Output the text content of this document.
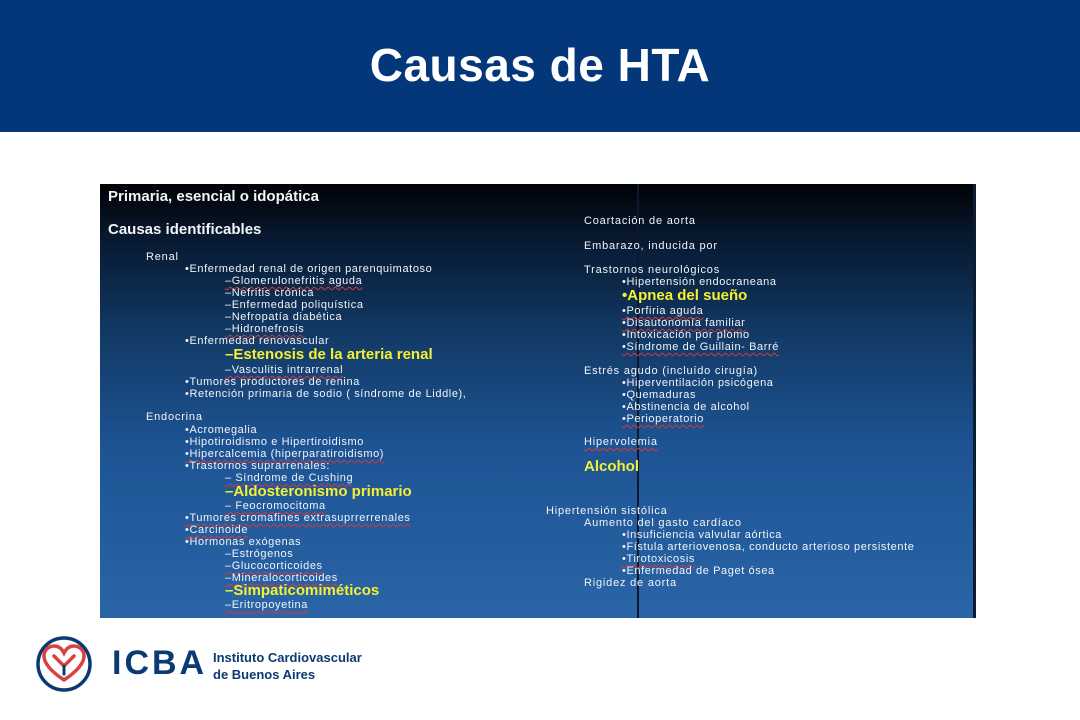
Causas de HTA
Primaria, esencial o idopática
Causas identificables
Renal
•Enfermedad renal de origen parenquimatoso
–Glomerulonefritis aguda
–Nefritis crónica
–Enfermedad poliquística
–Nefropatía diabética
–Hidronefrosis
•Enfermedad renovascular
–Estenosis de la arteria renal
–Vasculitis intrarrenal
•Tumores productores de renina
•Retención primaria de sodio ( síndrome de Liddle),
Endocrina
•Acromegalia
•Hipotiroidismo e Hipertiroidismo
•Hipercalcemia (hiperparatiroidismo)
•Trastornos suprarrenales:
– Síndrome de Cushing
–Aldosteronismo primario
– Feocromocitoma
•Tumores cromafines extrasuprrerrenales
•Carcinoide
•Hormonas exógenas
–Estrógenos
–Glucocorticoides
–Mineralocorticoides
–Simpaticomiméticos
–Eritropoyetina
Coartación de aorta
Embarazo, inducida por
Trastornos neurológicos
•Hipertensión endocraneana
•Apnea del sueño
•Porfiria aguda
•Disautonomía familiar
•Intoxicación por plomo
•Síndrome de Guillain- Barré
Estrés agudo (incluído cirugía)
•Hiperventilación psicógena
•Quemaduras
•Abstinencia de alcohol
•Perioperatorio
Hipervolemia
Alcohol
Hipertensión sistólica
Aumento del gasto cardíaco
•Insuficiencia valvular aórtica
•Fístula arteriovenosa, conducto arterioso persistente
•Tirotoxicosis
•Enfermedad de Paget ósea
Rigidez de aorta
ICBA Instituto Cardiovascular
de Buenos Aires
